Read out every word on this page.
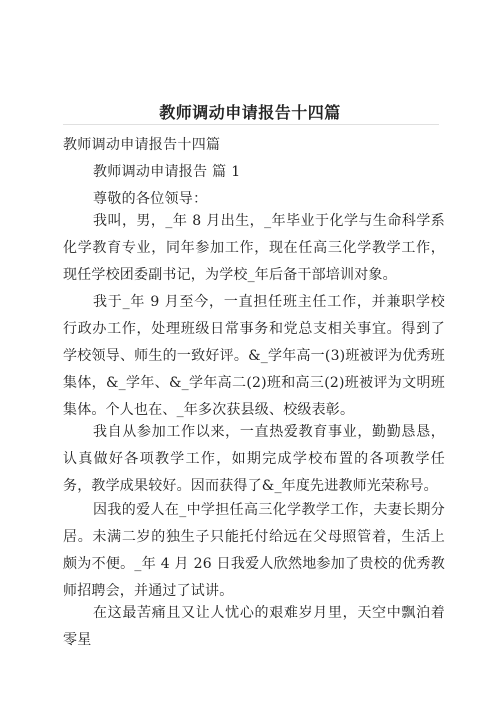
教师调动申请报告十四篇
教师调动申请报告十四篇
教师调动申请报告 篇 1
尊敬的各位领导：
我叫，男，_年 8 月出生，_年毕业于化学与生命科学系化学教育专业，同年参加工作，现在任高三化学教学工作，现任学校团委副书记，为学校_年后备干部培训对象。
我于_年 9 月至今，一直担任班主任工作，并兼职学校行政办工作，处理班级日常事务和党总支相关事宜。得到了学校领导、师生的一致好评。&_学年高一(3)班被评为优秀班集体，&_学年、&_学年高二(2)班和高三(2)班被评为文明班集体。个人也在、_年多次获县级、校级表彰。
我自从参加工作以来，一直热爱教育事业，勤勤恳恳，认真做好各项教学工作，如期完成学校布置的各项教学任务，教学成果较好。因而获得了&_年度先进教师光荣称号。
因我的爱人在_中学担任高三化学教学工作，夫妻长期分居。未满二岁的独生子只能托付给远在父母照管着，生活上颇为不便。_年 4 月 26 日我爱人欣然地参加了贵校的优秀教师招聘会，并通过了试讲。
在这最苦痛且又让人忧心的艰难岁月里，天空中飘泊着零星
